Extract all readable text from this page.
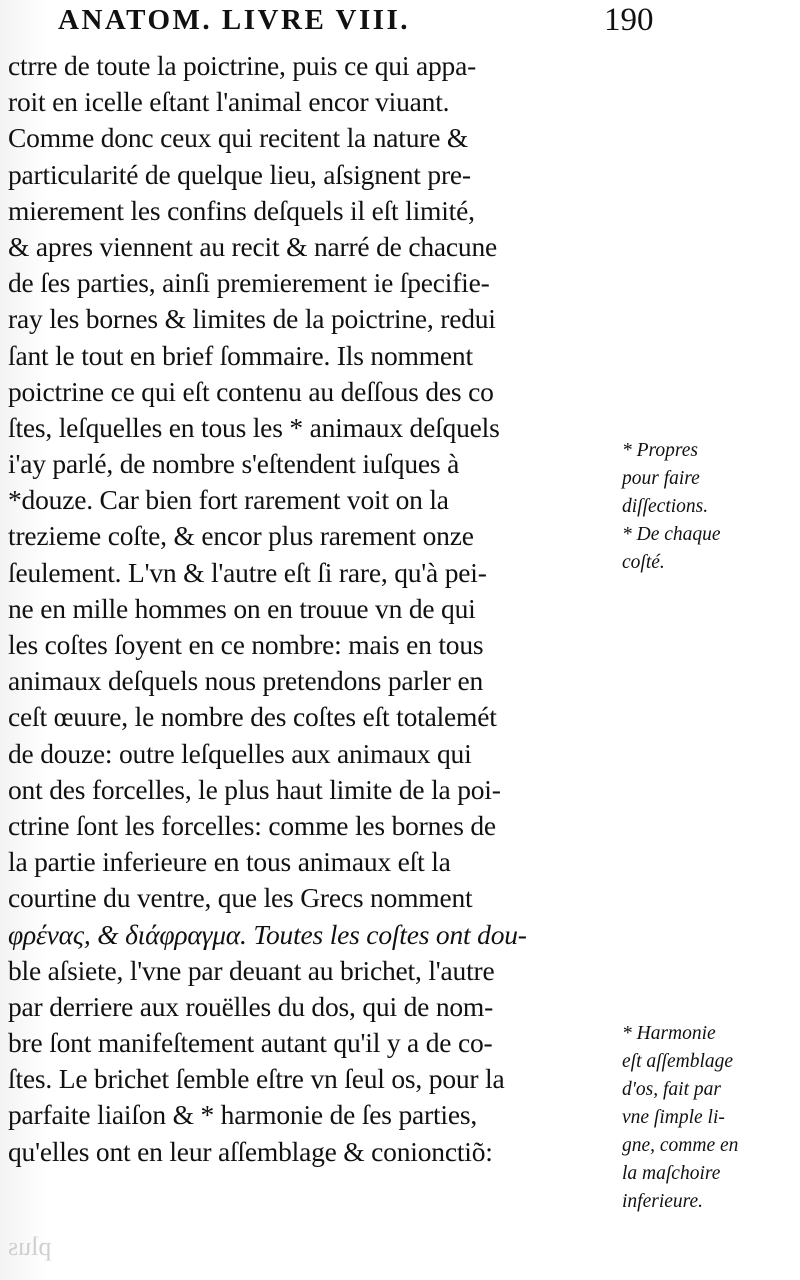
ANATOM. LIVRE VIII.	190
ctrre de toute la poictrine, puis ce qui appa-
roit en icelle eſtant l'animal encor viuant.
Comme donc ceux qui recitent la nature &
particularité de quelque lieu, aſsignent pre-
mierement les confins deſquels il eſt limité,
& apres viennent au recit & narré de chacune
de ſes parties, ainſi premierement ie ſpecifie-
ray les bornes & limites de la poictrine, redui
ſant le tout en brief ſommaire. Ils nomment
poictrine ce qui eſt contenu au deſſous des co
ſtes, leſquelles en tous les * animaux deſquels
i'ay parlé, de nombre s'eſtendent iuſques à
*douze. Car bien fort rarement voit on la
trezieme coſte, & encor plus rarement onze
ſeulement. L'vn & l'autre eſt ſi rare, qu'à pei-
ne en mille hommes on en trouue vn de qui
les coſtes ſoyent en ce nombre: mais en tous
animaux deſquels nous pretendons parler en
ceſt œuure, le nombre des coſtes eſt totalemét
de douze: outre leſquelles aux animaux qui
ont des forcelles, le plus haut limite de la poi-
ctrine ſont les forcelles: comme les bornes de
la partie inferieure en tous animaux eſt la
courtine du ventre, que les Grecs nomment
φρένας, & διάφραγμα. Toutes les coſtes ont dou-
ble aſsiete, l'vne par deuant au brichet, l'autre
par derriere aux rouëlles du dos, qui de nom-
bre ſont manifeſtement autant qu'il y a de co-
ſtes. Le brichet ſemble eſtre vn ſeul os, pour la
parfaite liaiſon & * harmonie de ſes parties,
qu'elles ont en leur aſſemblage & conionctiõ:
* Propres
pour faire
diſſections.
* De chaque
coſté.
* Harmonie
eſt aſſemblage
d'os, fait par
vne ſimple li-
gne, comme en
la maſchoire
inferieure.
plus
